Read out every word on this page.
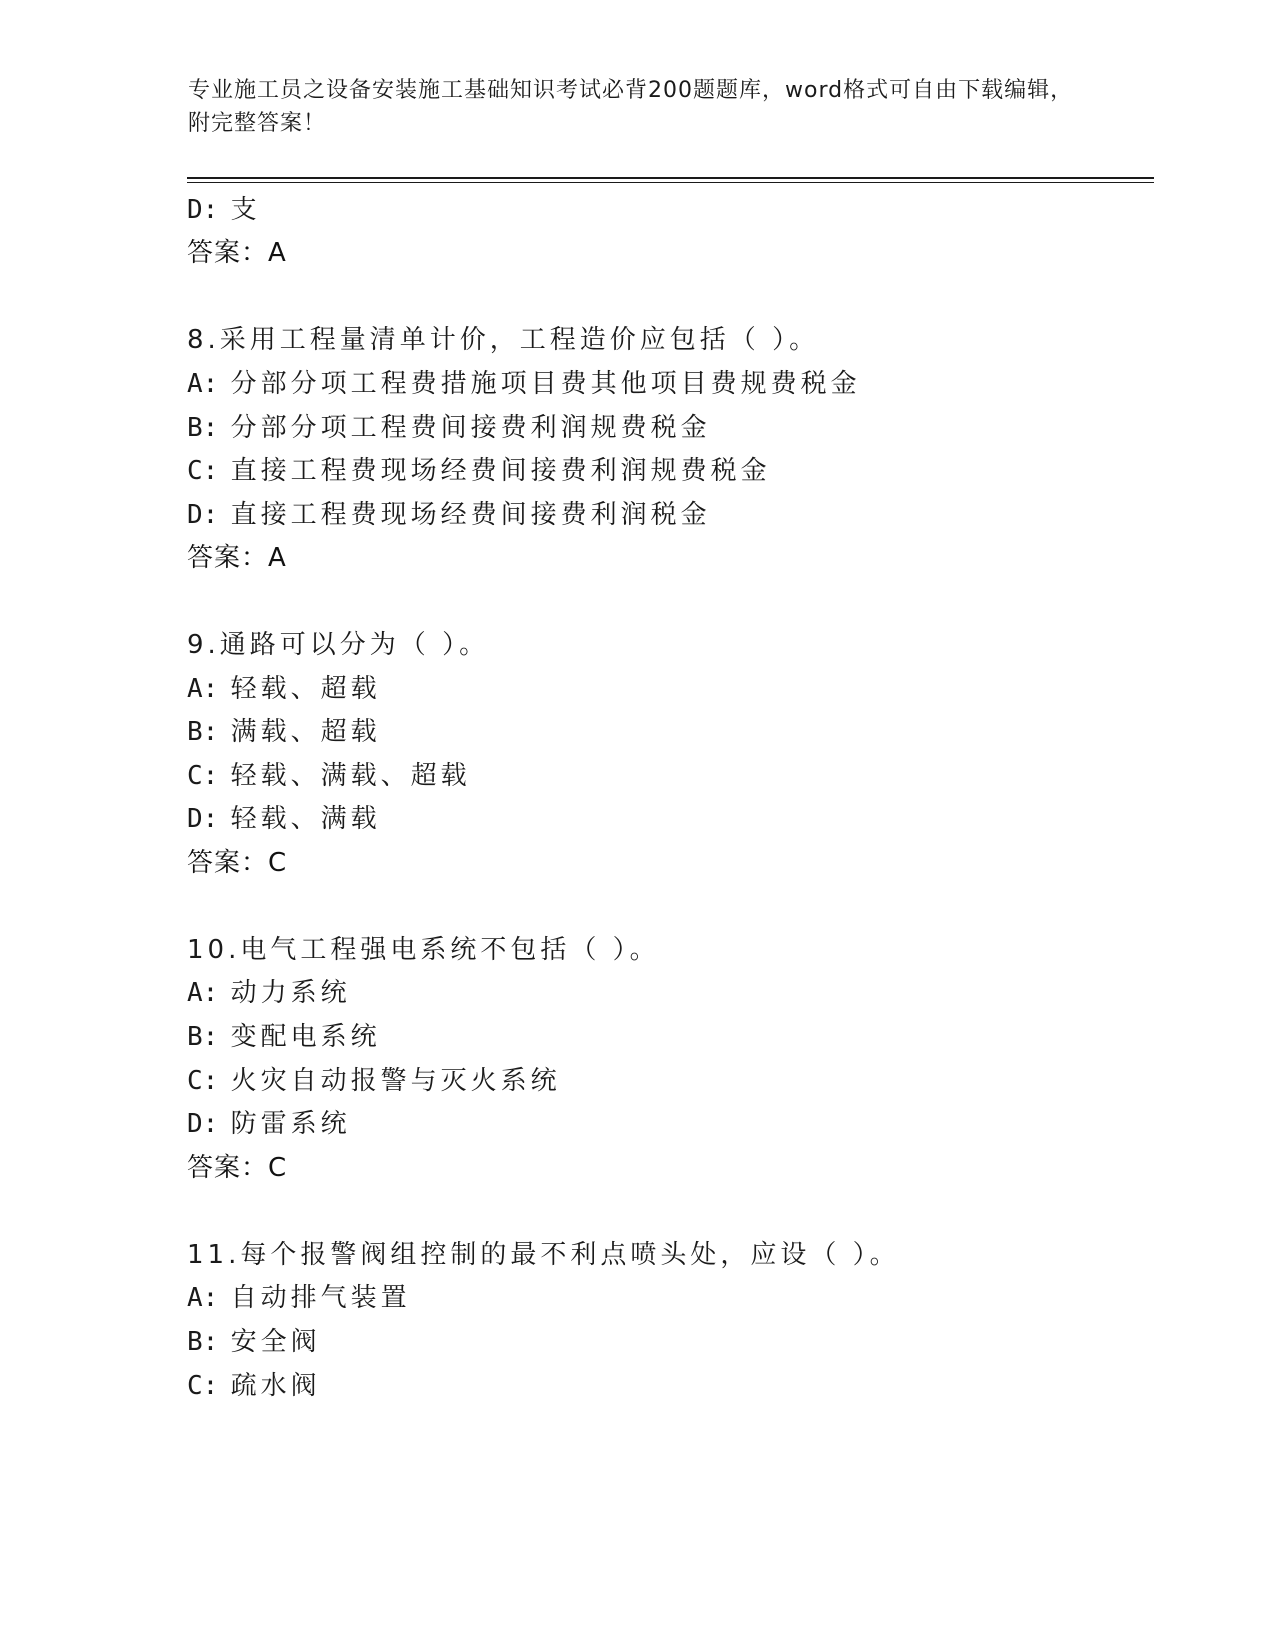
专业施工员之设备安装施工基础知识考试必背200题题库，word格式可自由下载编辑，附完整答案！
D: 支
答案：A
8.采用工程量清单计价，工程造价应包括（ ）。
A: 分部分项工程费措施项目费其他项目费规费税金
B: 分部分项工程费间接费利润规费税金
C: 直接工程费现场经费间接费利润规费税金
D: 直接工程费现场经费间接费利润税金
答案：A
9.通路可以分为（ ）。
A: 轻载、超载
B: 满载、超载
C: 轻载、满载、超载
D: 轻载、满载
答案：C
10.电气工程强电系统不包括（ ）。
A: 动力系统
B: 变配电系统
C: 火灾自动报警与灭火系统
D: 防雷系统
答案：C
11.每个报警阀组控制的最不利点喷头处，应设（ ）。
A: 自动排气装置
B: 安全阀
C: 疏水阀
